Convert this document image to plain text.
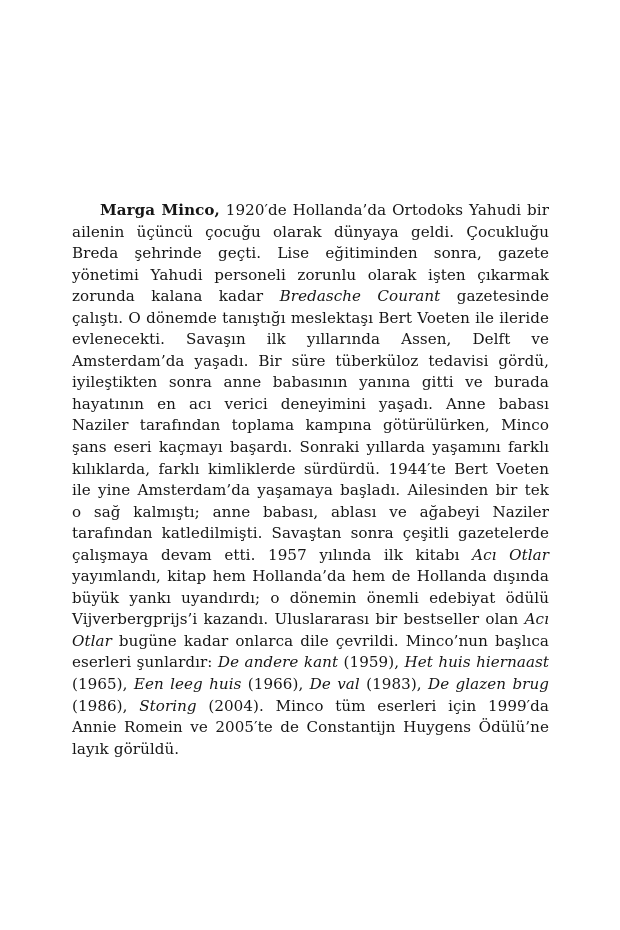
Marga Minco, 1920′de Hollanda’da Ortodoks Yahudi bir ailenin üçüncü çocuğu olarak dünyaya geldi. Çocukluğu Breda şehrinde geçti. Lise eğitiminden sonra, gazete yönetimi Yahudi personeli zorunlu olarak işten çıkarmak zorunda kalana kadar Bredasche Courant gazetesinde çalıştı. O dönemde tanıştığı meslektaşı Bert Voeten ile ileride evlenecekti. Savaşın ilk yıllarında Assen, Delft ve Amsterdam’da yaşadı. Bir süre tüberküloz tedavisi gördü, iyileştikten sonra anne babasının yanına gitti ve burada hayatının en acı verici deneyimini yaşadı. Anne babası Naziler tarafından toplama kampına götürülürken, Minco şans eseri kaçmayı başardı. Sonraki yıllarda yaşamını farklı kılıklarda, farklı kimliklerde sürdürdü. 1944′te Bert Voeten ile yine Amsterdam’da yaşamaya başladı. Ailesinden bir tek o sağ kalmıştı; anne babası, ablası ve ağabeyi Naziler tarafından katledilmişti. Savaştan sonra çeşitli gazetelerde çalışmaya devam etti. 1957 yılında ilk kitabı Acı Otlar yayımlandı, kitap hem Hollanda’da hem de Hollanda dışında büyük yankı uyandırdı; o dönemin önemli edebiyat ödülü Vijverbergprijs’i kazandı. Uluslararası bir bestseller olan Acı Otlar bugüne kadar onlarca dile çevrildi. Minco’nun başlıca eserleri şunlardır: De andere kant (1959), Het huis hiernaast (1965), Een leeg huis (1966), De val (1983), De glazen brug (1986), Storing (2004). Minco tüm eserleri için 1999′da Annie Romein ve 2005′te de Constantijn Huygens Ödülü’ne layık görüldü.
